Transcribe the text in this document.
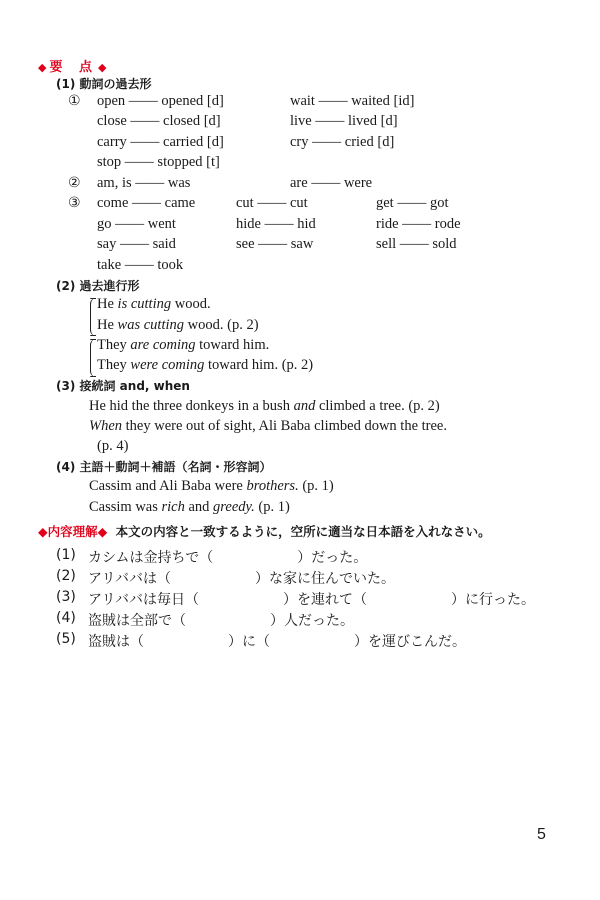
◆ 要 点◆
(1) 動詞の過去形
① open —— opened [d]	wait —— waited [id]
close —— closed [d]	live —— lived [d]
carry —— carried [d]	cry —— cried [d]
stop —— stopped [t]
② am, is —— was	are —— were
③ come —— came	cut —— cut	get —— got
go —— went	hide —— hid	ride —— rode
say —— said	see —— saw	sell —— sold
take —— took
(2) 過去進行形
He is cutting wood.
He was cutting wood. (p. 2)
They are coming toward him.
They were coming toward him. (p. 2)
(3) 接続詞 and, when
He hid the three donkeys in a bush and climbed a tree. (p. 2)
When they were out of sight, Ali Baba climbed down the tree.
(p. 4)
(4) 主語＋動詞＋補語（名詞・形容詞）
Cassim and Ali Baba were brothers. (p. 1)
Cassim was rich and greedy. (p. 1)
◆内容理解◆ 本文の内容と一致するように，空所に適当な日本語を入れなさい。
(1) カシムは金持ちで（　　　　　　）だった。
(2) アリババは（　　　　　　）な家に住んでいた。
(3) アリババは毎日（　　　　　　）を連れて（　　　　　　）に行った。
(4) 盗賊は全部で（　　　　　　）人だった。
(5) 盗賊は（　　　　　　）に（　　　　　　）を運びこんだ。
5
